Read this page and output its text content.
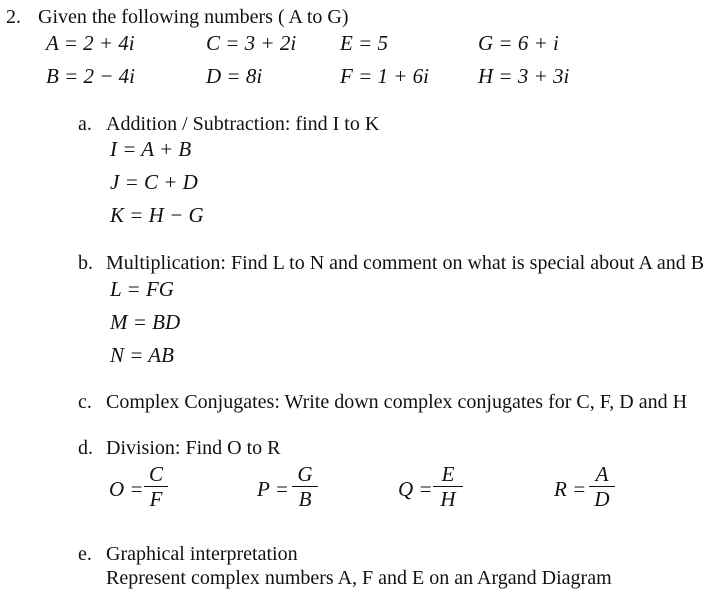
2. Given the following numbers ( A to G)
A = 2 + 4i	C = 3 + 2i E = 5	G = 6 + i
B = 2 − 4i	D = 8i	F = 1 + 6i H = 3 + 3i
a. Addition / Subtraction: find I to K
I = A + B
J = C + D
K = H − G
b. Multiplication: Find L to N and comment on what is special about A and B
L = FG
M = BD
N = AB
c. Complex Conjugates: Write down complex conjugates for C, F, D and H
d. Division: Find O to R
O =
C
F	P =
G
B	Q =
E
H	R =
A
D
e. Graphical interpretation
Represent complex numbers A, F and E on an Argand Diagram
